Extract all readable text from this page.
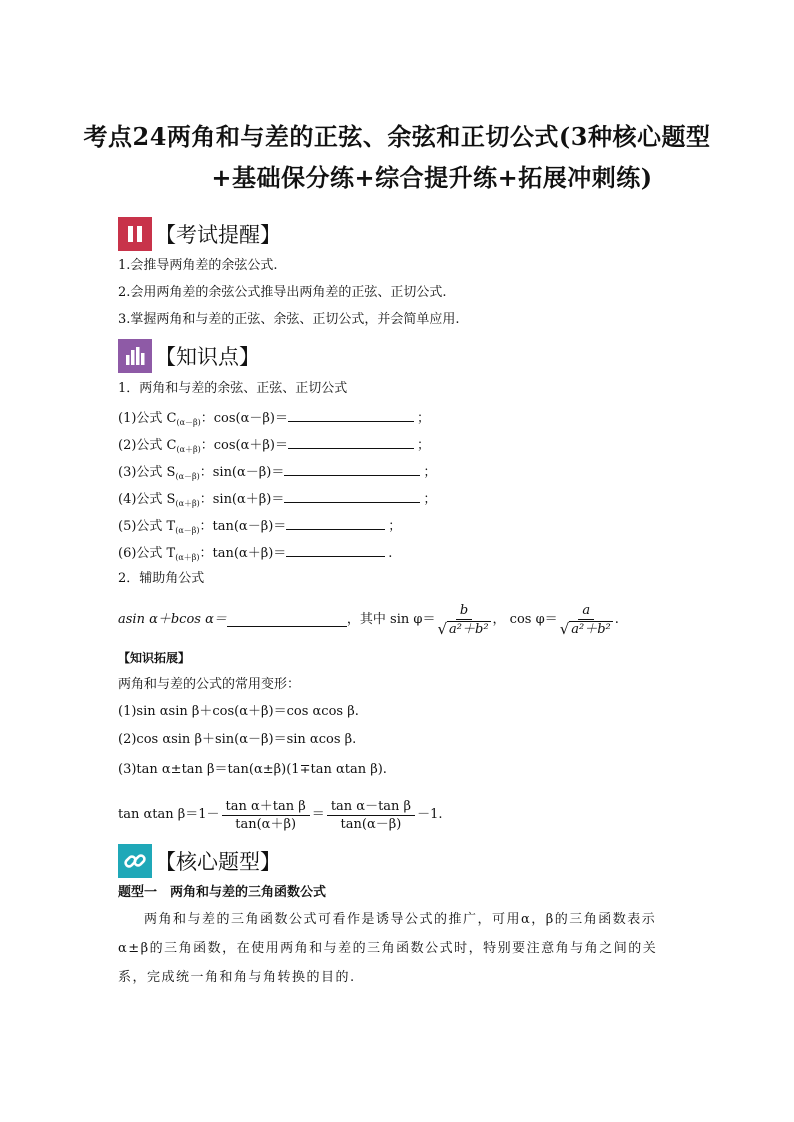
考点24两角和与差的正弦、余弦和正切公式(3种核心题型
+基础保分练+综合提升练+拓展冲刺练)
【考试提醒】
1.会推导两角差的余弦公式.
2.会用两角差的余弦公式推导出两角差的正弦、正切公式.
3.掌握两角和与差的正弦、余弦、正切公式，并会简单应用.
【知识点】
1．两角和与差的余弦、正弦、正切公式
(1)公式 $C_{(\alpha-\beta)}$：cos(α－β)＝	；
(2)公式 $C_{(\alpha+\beta)}$：cos(α＋β)＝	；
(3)公式 $S_{(\alpha-\beta)}$：sin(α－β)＝	；
(4)公式 $S_{(\alpha+\beta)}$：sin(α＋β)＝	；
(5)公式 $T_{(\alpha-\beta)}$：tan(α－β)＝	；
(6)公式 $T_{(\alpha+\beta)}$：tan(α＋β)＝	.
2．辅助角公式
asin α＋bcos α＝	，其中 $\sin \varphi= \frac{b}{\text{√ a²＋b²}}$ ， $\cos \varphi= \frac{a}{\text{√ a²＋b²}}$ .
【知识拓展】
两角和与差的公式的常用变形：
(1)sin αsin β＋cos(α＋β)＝cos αcos β.
(2)cos αsin β＋sin(α－β)＝sin αcos β.
(3)tan α±tan β＝tan(α±β)(1∓tan αtan β).
tan αtan $\beta=1- \frac{\text{tan α＋tan β}}{\tan(\alpha+\beta)} = \frac{\text{tan α－tan β}}{\tan(\alpha-\beta)} -1$.
【核心题型】
题型一　两角和与差的三角函数公式
两角和与差的三角函数公式可看作是诱导公式的推广，可用α，β的三角函数表示α±β的三角函数，在使用两角和与差的三角函数公式时，特别要注意角与角之间的关系，完成统一角和角与角转换的目的.
